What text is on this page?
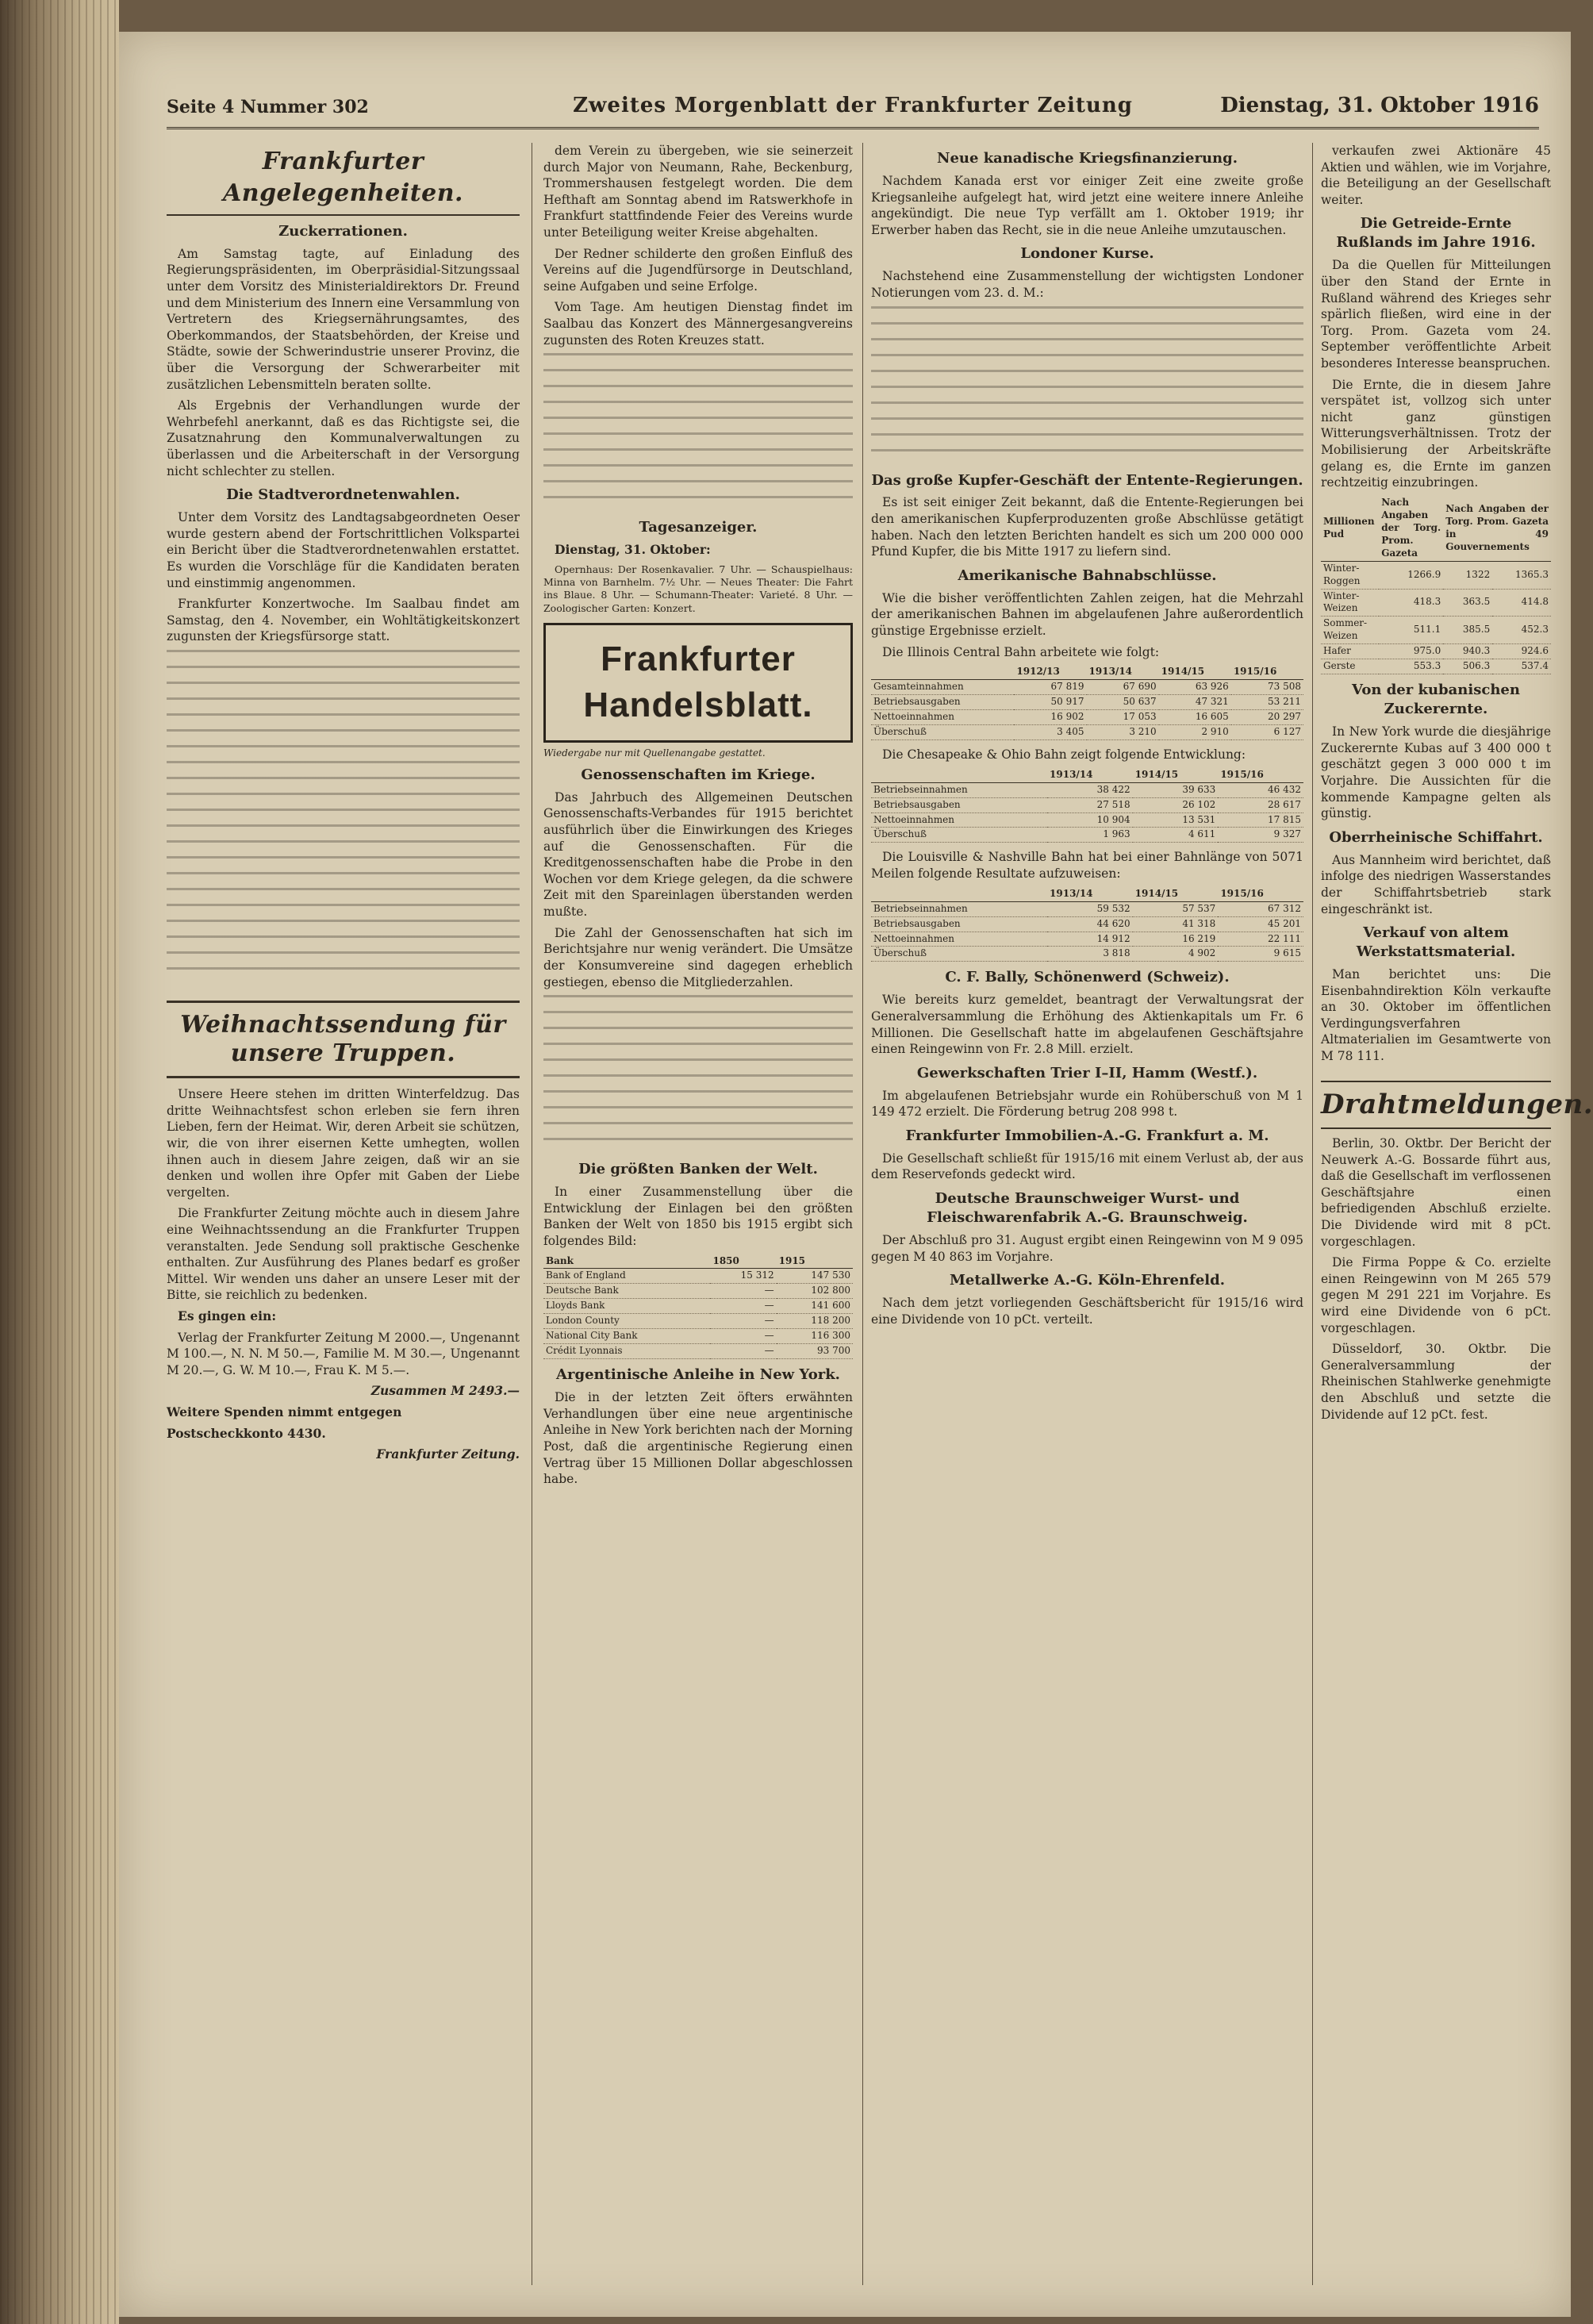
Seite 4 Nummer 302	Zweites Morgenblatt der Frankfurter Zeitung	Dienstag, 31. Oktober 1916
Frankfurter Angelegenheiten.
Zuckerrationen.

Am Samstag tagte, auf Einladung des Regierungspräsidenten, im Oberpräsidial-Sitzungssaal unter dem Vorsitz des Ministerialdirektors Dr. Freund und dem Ministerium des Innern eine Versammlung von Vertretern des Kriegsernährungsamtes, des Oberkommandos, der Staatsbehörden, der Kreise und Städte, sowie der Schwerindustrie unserer Provinz, die über die Versorgung der Schwerarbeiter mit zusätzlichen Lebensmitteln beraten sollte.

Als Ergebnis der Verhandlungen wurde der Wehrbefehl anerkannt, daß es das Richtigste sei, die Zusatznahrung den Kommunalverwaltungen zu überlassen und die Arbeiterschaft in der Versorgung nicht schlechter zu stellen.

Die Stadtverordnetenwahlen.

Unter dem Vorsitz des Landtagsabgeordneten Oeser wurde gestern abend der Fortschrittlichen Volkspartei ein Bericht über die Stadtverordnetenwahlen erstattet. Es wurden die Vorschläge für die Kandidaten beraten und einstimmig angenommen.

Frankfurter Konzertwoche. Im Saalbau findet am Samstag, den 4. November, ein Wohltätigkeitskonzert zugunsten der Kriegsfürsorge statt.

Weihnachtssendung für unsere Truppen.

Unsere Heere stehen im dritten Winterfeldzug. Das dritte Weihnachtsfest schon erleben sie fern ihren Lieben, fern der Heimat. Wir, deren Arbeit sie schützen, wir, die von ihrer eisernen Kette umhegten, wollen ihnen auch in diesem Jahre zeigen, daß wir an sie denken und wollen ihre Opfer mit Gaben der Liebe vergelten.

Die Frankfurter Zeitung möchte auch in diesem Jahre eine Weihnachtssendung an die Frankfurter Truppen veranstalten. Jede Sendung soll praktische Geschenke enthalten. Zur Ausführung des Planes bedarf es großer Mittel. Wir wenden uns daher an unsere Leser mit der Bitte, sie reichlich zu bedenken.

Es gingen ein:

Verlag der Frankfurter Zeitung M 2000.—, Ungenannt M 100.—, N. N. M 50.—, Familie M. M 30.—, Ungenannt M 20.—, G. W. M 10.—, Frau K. M 5.—.

Zusammen M 2493.—
Weitere Spenden nimmt entgegen
Postscheckkonto 4430.
Frankfurter Zeitung.

dem Verein zu übergeben, wie sie seinerzeit durch Major von Neumann, Rahe, Beckenburg, Trommershausen festgelegt worden. Die dem Hefthaft am Sonntag abend im Ratswerkhofe in Frankfurt stattfindende Feier des Vereins wurde unter Beteiligung weiter Kreise abgehalten.

Der Redner schilderte den großen Einfluß des Vereins auf die Jugendfürsorge in Deutschland, seine Aufgaben und seine Erfolge.

Vom Tage. Am heutigen Dienstag findet im Saalbau das Konzert des Männergesangvereins zugunsten des Roten Kreuzes statt.

Tagesanzeiger.

Dienstag, 31. Oktober:

Opernhaus: Der Rosenkavalier. 7 Uhr. — Schauspielhaus: Minna von Barnhelm. 7½ Uhr. — Neues Theater: Die Fahrt ins Blaue. 8 Uhr. — Schumann-Theater: Varieté. 8 Uhr. — Zoologischer Garten: Konzert.

Frankfurter Handelsblatt.
Wiedergabe nur mit Quellenangabe gestattet.
Genossenschaften im Kriege.

Das Jahrbuch des Allgemeinen Deutschen Genossenschafts-Verbandes für 1915 berichtet ausführlich über die Einwirkungen des Krieges auf die Genossenschaften. Für die Kreditgenossenschaften habe die Probe in den Wochen vor dem Kriege gelegen, da die schwere Zeit mit den Spareinlagen überstanden werden mußte.

Die Zahl der Genossenschaften hat sich im Berichtsjahre nur wenig verändert. Die Umsätze der Konsumvereine sind dagegen erheblich gestiegen, ebenso die Mitgliederzahlen.

Die größten Banken der Welt.

In einer Zusammenstellung über die Entwicklung der Einlagen bei den größten Banken der Welt von 1850 bis 1915 ergibt sich folgendes Bild:

Bank	1850	1915
Bank of England	15 312	147 530
Deutsche Bank	—	102 800
Lloyds Bank	—	141 600
London County	—	118 200
National City Bank	—	116 300
Crédit Lyonnais	—	93 700
Argentinische Anleihe in New York.

Die in der letzten Zeit öfters erwähnten Verhandlungen über eine neue argentinische Anleihe in New York berichten nach der Morning Post, daß die argentinische Regierung einen Vertrag über 15 Millionen Dollar abgeschlossen habe.

Neue kanadische Kriegsfinanzierung.

Nachdem Kanada erst vor einiger Zeit eine zweite große Kriegsanleihe aufgelegt hat, wird jetzt eine weitere innere Anleihe angekündigt. Die neue Typ verfällt am 1. Oktober 1919; ihr Erwerber haben das Recht, sie in die neue Anleihe umzutauschen.

Londoner Kurse.

Nachstehend eine Zusammenstellung der wichtigsten Londoner Notierungen vom 23. d. M.:

Das große Kupfer-Geschäft der Entente-Regierungen.

Es ist seit einiger Zeit bekannt, daß die Entente-Regierungen bei den amerikanischen Kupferproduzenten große Abschlüsse getätigt haben. Nach den letzten Berichten handelt es sich um 200 000 000 Pfund Kupfer, die bis Mitte 1917 zu liefern sind.

Amerikanische Bahnabschlüsse.

Wie die bisher veröffentlichten Zahlen zeigen, hat die Mehrzahl der amerikanischen Bahnen im abgelaufenen Jahre außerordentlich günstige Ergebnisse erzielt.

Die Illinois Central Bahn arbeitete wie folgt:

	1912/13	1913/14	1914/15	1915/16
Gesamteinnahmen	67 819	67 690	63 926	73 508
Betriebsausgaben	50 917	50 637	47 321	53 211
Nettoeinnahmen	16 902	17 053	16 605	20 297
Überschuß	3 405	3 210	2 910	6 127

Die Chesapeake & Ohio Bahn zeigt folgende Entwicklung:

	1913/14	1914/15	1915/16
Betriebseinnahmen	38 422	39 633	46 432
Betriebsausgaben	27 518	26 102	28 617
Nettoeinnahmen	10 904	13 531	17 815
Überschuß	1 963	4 611	9 327

Die Louisville & Nashville Bahn hat bei einer Bahnlänge von 5071 Meilen folgende Resultate aufzuweisen:

	1913/14	1914/15	1915/16
Betriebseinnahmen	59 532	57 537	67 312
Betriebsausgaben	44 620	41 318	45 201
Nettoeinnahmen	14 912	16 219	22 111
Überschuß	3 818	4 902	9 615
C. F. Bally, Schönenwerd (Schweiz).

Wie bereits kurz gemeldet, beantragt der Verwaltungsrat der Generalversammlung die Erhöhung des Aktienkapitals um Fr. 6 Millionen. Die Gesellschaft hatte im abgelaufenen Geschäftsjahre einen Reingewinn von Fr. 2.8 Mill. erzielt.

Gewerkschaften Trier I–II, Hamm (Westf.).

Im abgelaufenen Betriebsjahr wurde ein Rohüberschuß von M 1 149 472 erzielt. Die Förderung betrug 208 998 t.

Frankfurter Immobilien-A.-G. Frankfurt a. M.

Die Gesellschaft schließt für 1915/16 mit einem Verlust ab, der aus dem Reservefonds gedeckt wird.

Deutsche Braunschweiger Wurst- und Fleischwarenfabrik A.-G. Braunschweig.

Der Abschluß pro 31. August ergibt einen Reingewinn von M 9 095 gegen M 40 863 im Vorjahre.

Metallwerke A.-G. Köln-Ehrenfeld.

Nach dem jetzt vorliegenden Geschäftsbericht für 1915/16 wird eine Dividende von 10 pCt. verteilt.

verkaufen zwei Aktionäre 45 Aktien und wählen, wie im Vorjahre, die Beteiligung an der Gesellschaft weiter.

Die Getreide-Ernte Rußlands im Jahre 1916.

Da die Quellen für Mitteilungen über den Stand der Ernte in Rußland während des Krieges sehr spärlich fließen, wird eine in der Torg. Prom. Gazeta vom 24. September veröffentlichte Arbeit besonderes Interesse beanspruchen.

Die Ernte, die in diesem Jahre verspätet ist, vollzog sich unter nicht ganz günstigen Witterungsverhältnissen. Trotz der Mobilisierung der Arbeitskräfte gelang es, die Ernte im ganzen rechtzeitig einzubringen.

Millionen Pud	Nach Angaben der Torg. Prom. Gazeta	Nach Angaben der Torg. Prom. Gazeta in 49 Gouvernements	
Winter-Roggen	1266.9	1322	1365.3
Winter-Weizen	418.3	363.5	414.8
Sommer-Weizen	511.1	385.5	452.3
Hafer	975.0	940.3	924.6
Gerste	553.3	506.3	537.4
Von der kubanischen Zuckerernte.

In New York wurde die diesjährige Zuckerernte Kubas auf 3 400 000 t geschätzt gegen 3 000 000 t im Vorjahre. Die Aussichten für die kommende Kampagne gelten als günstig.

Oberrheinische Schiffahrt.

Aus Mannheim wird berichtet, daß infolge des niedrigen Wasserstandes der Schiffahrtsbetrieb stark eingeschränkt ist.

Verkauf von altem Werkstattsmaterial.

Man berichtet uns: Die Eisenbahndirektion Köln verkaufte an 30. Oktober im öffentlichen Verdingungsverfahren Altmaterialien im Gesamtwerte von M 78 111.

Drahtmeldungen.

Berlin, 30. Oktbr. Der Bericht der Neuwerk A.-G. Bossarde führt aus, daß die Gesellschaft im verflossenen Geschäftsjahre einen befriedigenden Abschluß erzielte. Die Dividende wird mit 8 pCt. vorgeschlagen.

Die Firma Poppe & Co. erzielte einen Reingewinn von M 265 579 gegen M 291 221 im Vorjahre. Es wird eine Dividende von 6 pCt. vorgeschlagen.

Düsseldorf, 30. Oktbr. Die Generalversammlung der Rheinischen Stahlwerke genehmigte den Abschluß und setzte die Dividende auf 12 pCt. fest.
